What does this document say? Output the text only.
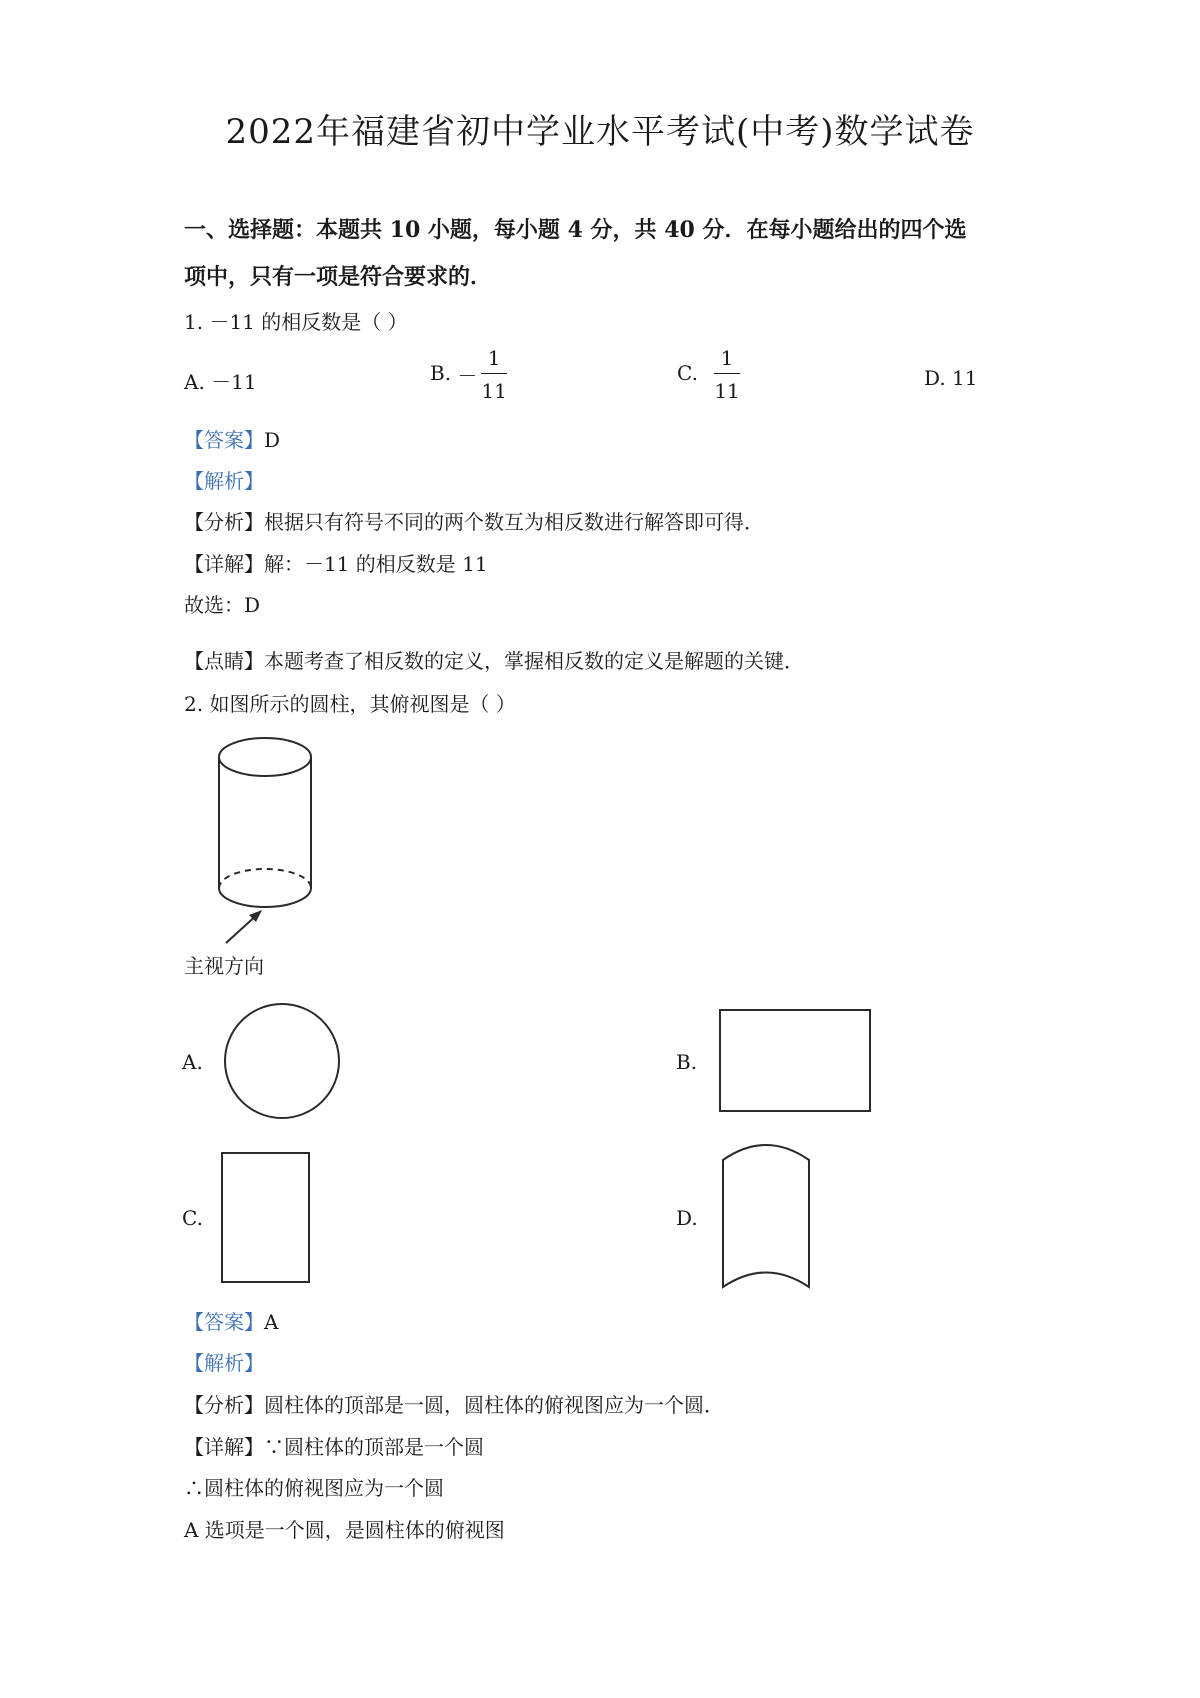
2022年福建省初中学业水平考试(中考)数学试卷
一、选择题：本题共 10 小题，每小题 4 分，共 40 分．在每小题给出的四个选
项中，只有一项是符合要求的．
1. －11 的相反数是（ ）
A. －11	B. － $\frac{1}{11}$	C. $\frac{1}{11}$	D. 11
【答案】D
【解析】
【分析】根据只有符号不同的两个数互为相反数进行解答即可得．
【详解】解：－11 的相反数是 11
故选：D
【点睛】本题考查了相反数的定义，掌握相反数的定义是解题的关键．
2. 如图所示的圆柱，其俯视图是（ ）
主视方向
A.	B.
C.	D.
【答案】A
【解析】
【分析】圆柱体的顶部是一圆，圆柱体的俯视图应为一个圆．
【详解】∵圆柱体的顶部是一个圆
∴圆柱体的俯视图应为一个圆
A 选项是一个圆，是圆柱体的俯视图
